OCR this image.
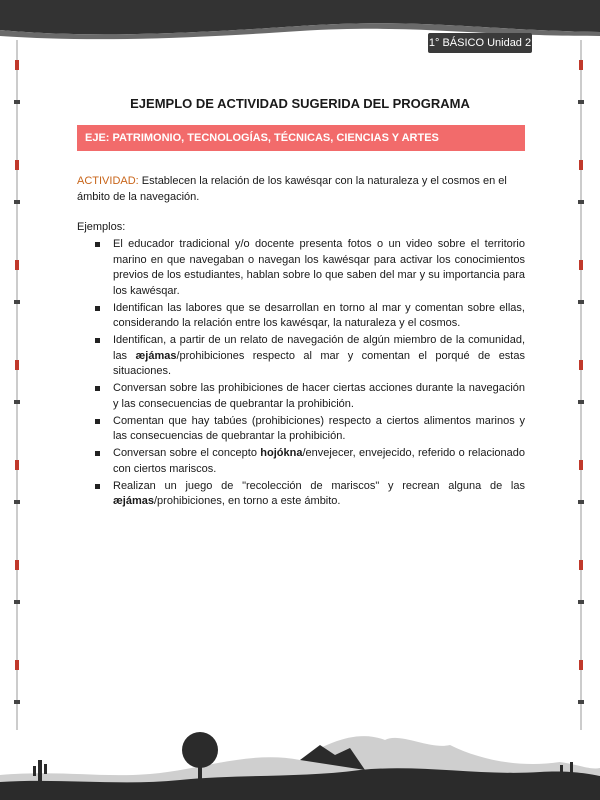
1° BÁSICO Unidad 2
EJEMPLO DE ACTIVIDAD SUGERIDA DEL PROGRAMA
EJE: PATRIMONIO, TECNOLOGÍAS, TÉCNICAS, CIENCIAS Y ARTES ANCESTRALES.
ACTIVIDAD: Establecen la relación de los kawésqar con la naturaleza y el cosmos en el ámbito de la navegación.
Ejemplos:
El educador tradicional y/o docente presenta fotos o un video sobre el territorio marino en que navegaban o navegan los kawésqar para activar los conocimientos previos de los estudiantes, hablan sobre lo que saben del mar y su importancia para los kawésqar.
Identifican las labores que se desarrollan en torno al mar y comentan sobre ellas, considerando la relación entre los kawésqar, la naturaleza y el cosmos.
Identifican, a partir de un relato de navegación de algún miembro de la comunidad, las æjámas/prohibiciones respecto al mar y comentan el porqué de estas situaciones.
Conversan sobre las prohibiciones de hacer ciertas acciones durante la navegación y las consecuencias de quebrantar la prohibición.
Comentan que hay tabúes (prohibiciones) respecto a ciertos alimentos marinos y las consecuencias de quebrantar la prohibición.
Conversan sobre el concepto hojókna/envejecer, envejecido, referido o relacionado con ciertos mariscos.
Realizan un juego de "recolección de mariscos" y recrean alguna de las æjámas/prohibiciones, en torno a este ámbito.
